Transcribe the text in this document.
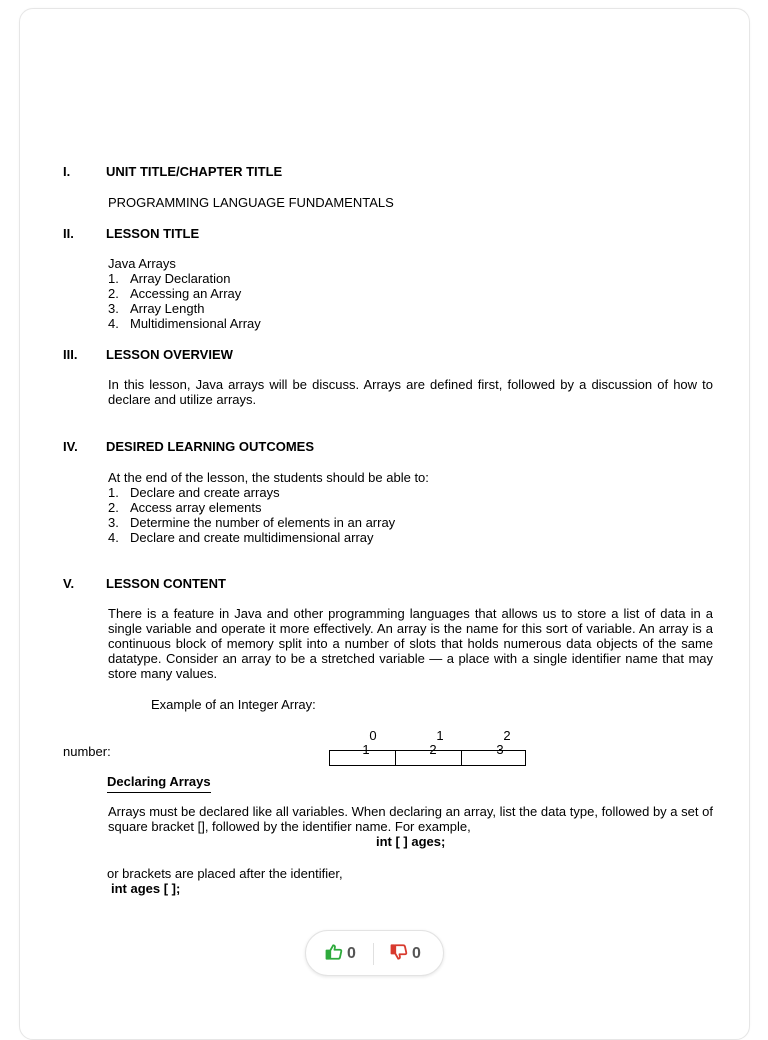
I.	UNIT TITLE/CHAPTER TITLE
PROGRAMMING LANGUAGE FUNDAMENTALS
II. LESSON TITLE
Java Arrays
1. Array Declaration
2. Accessing an Array
3. Array Length
4. Multidimensional Array
III. LESSON OVERVIEW
In this lesson, Java arrays will be discuss. Arrays are defined first, followed by a discussion of how to declare and utilize arrays.
IV. DESIRED LEARNING OUTCOMES
At the end of the lesson, the students should be able to:
1. Declare and create arrays
2. Access array elements
3. Determine the number of elements in an array
4. Declare and create multidimensional array
V. LESSON CONTENT
There is a feature in Java and other programming languages that allows us to store a list of data in a single variable and operate it more effectively. An array is the name for this sort of variable. An array is a continuous block of memory split into a number of slots that holds numerous data objects of the same datatype. Consider an array to be a stretched variable — a place with a single identifier name that may store many values.
Example of an Integer Array:
number:
0	1	2
1	2	3
Declaring Arrays
Arrays must be declared like all variables. When declaring an array, list the data type, followed by a set of square bracket [], followed by the identifier name. For example,
int [ ] ages;
or brackets are placed after the identifier,
int ages [ ];
0	0
